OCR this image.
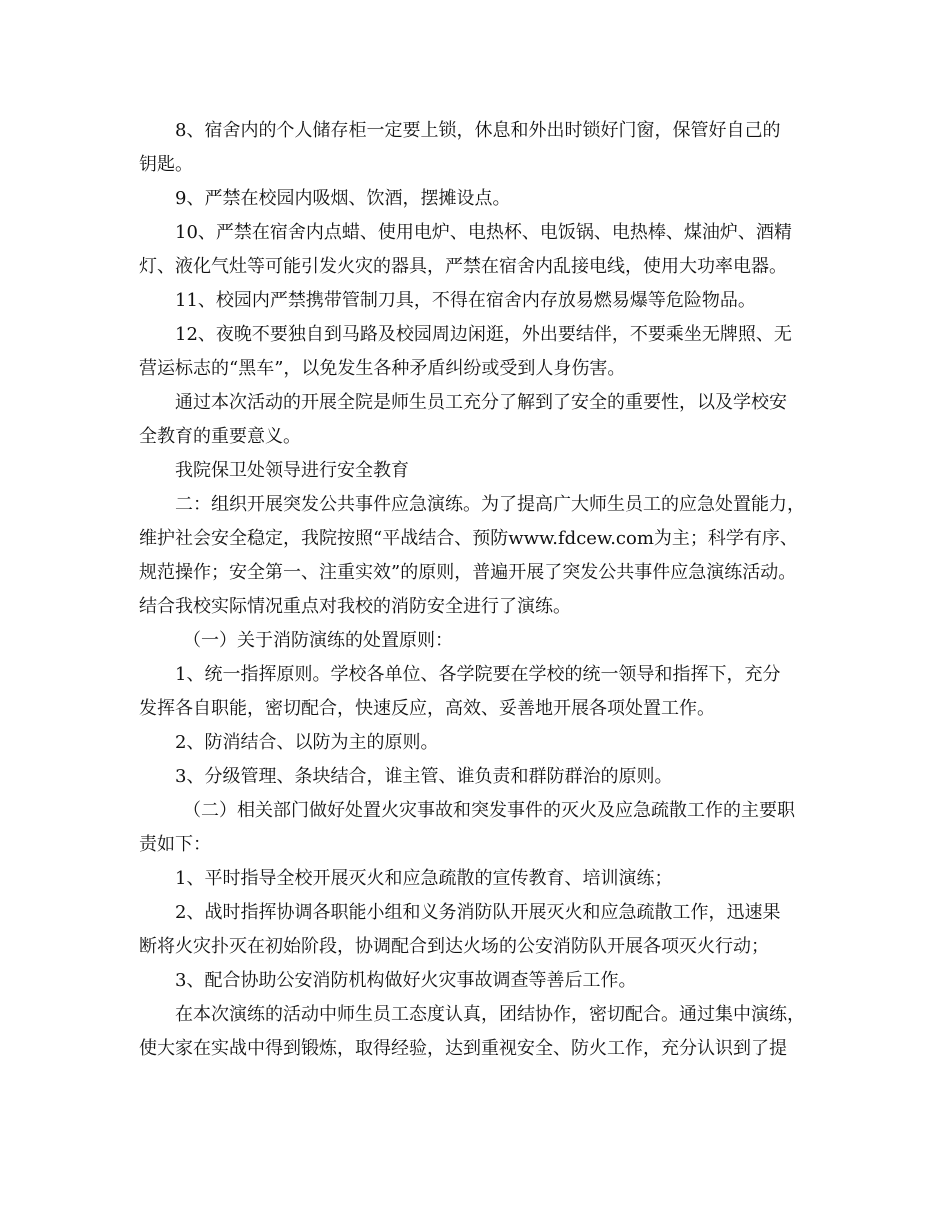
8、宿舍内的个人储存柜一定要上锁，休息和外出时锁好门窗，保管好自己的
钥匙。

9、严禁在校园内吸烟、饮酒，摆摊设点。

10、严禁在宿舍内点蜡、使用电炉、电热杯、电饭锅、电热棒、煤油炉、酒精
灯、液化气灶等可能引发火灾的器具，严禁在宿舍内乱接电线，使用大功率电器。

11、校园内严禁携带管制刀具，不得在宿舍内存放易燃易爆等危险物品。

12、夜晚不要独自到马路及校园周边闲逛，外出要结伴，不要乘坐无牌照、无
营运标志的“黑车”，以免发生各种矛盾纠纷或受到人身伤害。

通过本次活动的开展全院是师生员工充分了解到了安全的重要性，以及学校安
全教育的重要意义。

我院保卫处领导进行安全教育

二：组织开展突发公共事件应急演练。为了提高广大师生员工的应急处置能力，
维护社会安全稳定，我院按照“平战结合、预防www.fdcew.com为主；科学有序、
规范操作；安全第一、注重实效”的原则，普遍开展了突发公共事件应急演练活动。
结合我校实际情况重点对我校的消防安全进行了演练。

（一）关于消防演练的处置原则：

1、统一指挥原则。学校各单位、各学院要在学校的统一领导和指挥下，充分
发挥各自职能，密切配合，快速反应，高效、妥善地开展各项处置工作。

2、防消结合、以防为主的原则。

3、分级管理、条块结合，谁主管、谁负责和群防群治的原则。

（二）相关部门做好处置火灾事故和突发事件的灭火及应急疏散工作的主要职
责如下：

1、平时指导全校开展灭火和应急疏散的宣传教育、培训演练；

2、战时指挥协调各职能小组和义务消防队开展灭火和应急疏散工作，迅速果
断将火灾扑灭在初始阶段，协调配合到达火场的公安消防队开展各项灭火行动；

3、配合协助公安消防机构做好火灾事故调查等善后工作。

在本次演练的活动中师生员工态度认真，团结协作，密切配合。通过集中演练，
使大家在实战中得到锻炼，取得经验，达到重视安全、防火工作，充分认识到了提
